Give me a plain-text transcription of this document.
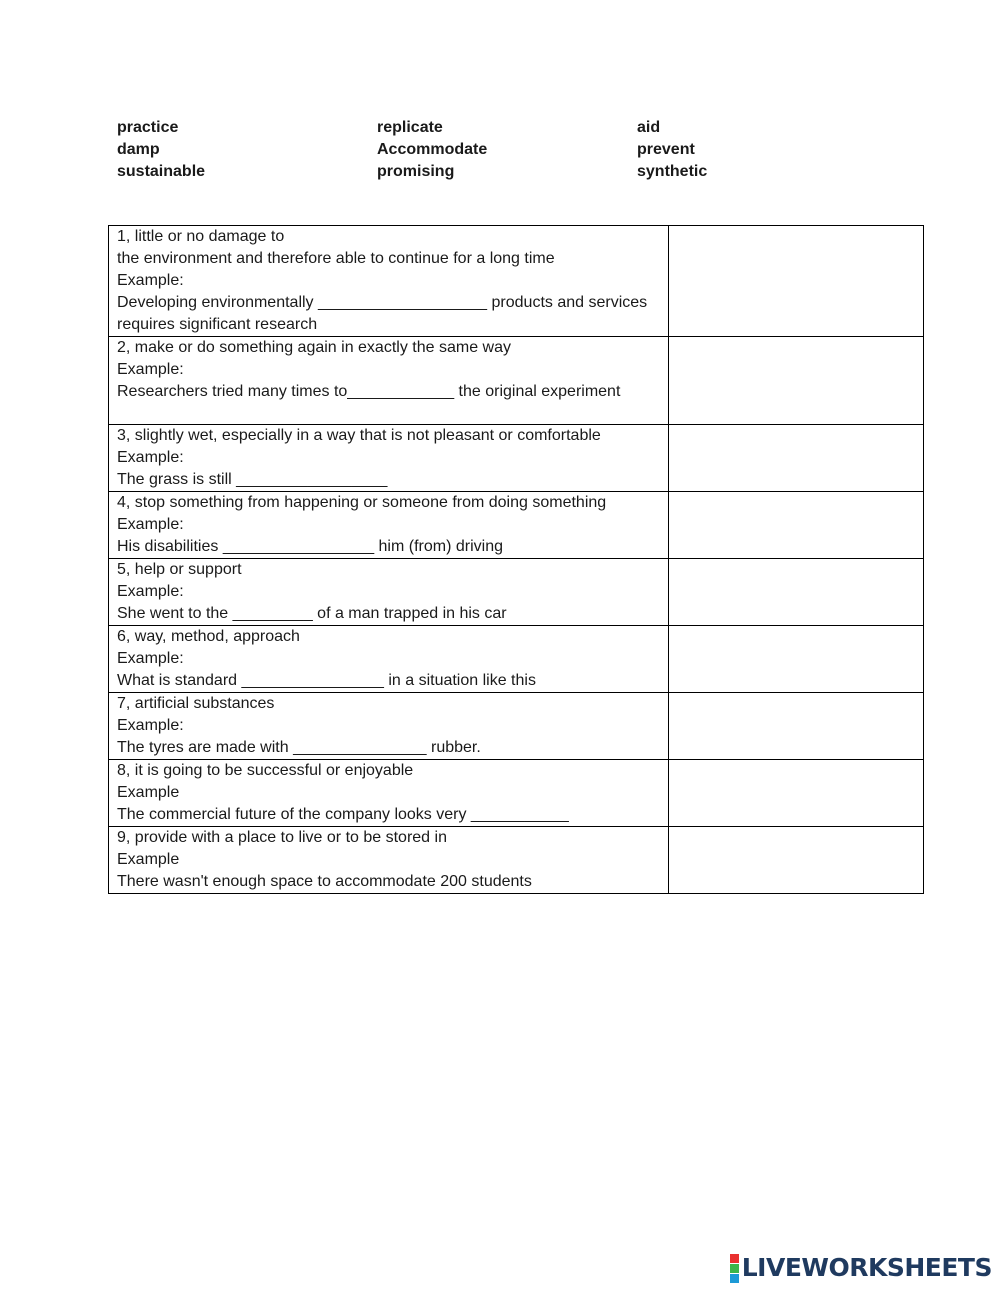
practice	replicate	aid
damp	Accommodate	prevent
sustainable	promising	synthetic
1, little or no damage to
the environment and therefore able to continue for a long time
Example:
Developing environmentally ___________________ products and services
requires significant research	

2, make or do something again in exactly the same way
Example:
Researchers tried many times to____________ the original experiment	

3, slightly wet, especially in a way that is not pleasant or comfortable
Example:
The grass is still _________________	

4, stop something from happening or someone from doing something
Example:
His disabilities _________________ him (from) driving	

5, help or support
Example:
She went to the _________ of a man trapped in his car	

6, way, method, approach
Example:
What is standard ________________ in a situation like this	

7, artificial substances
Example:
The tyres are made with _______________ rubber.	

8, it is going to be successful or enjoyable
Example
The commercial future of the company looks very ___________	

9, provide with a place to live or to be stored in
Example
There wasn't enough space to accommodate 200 students	

LIVEWORKSHEETS
